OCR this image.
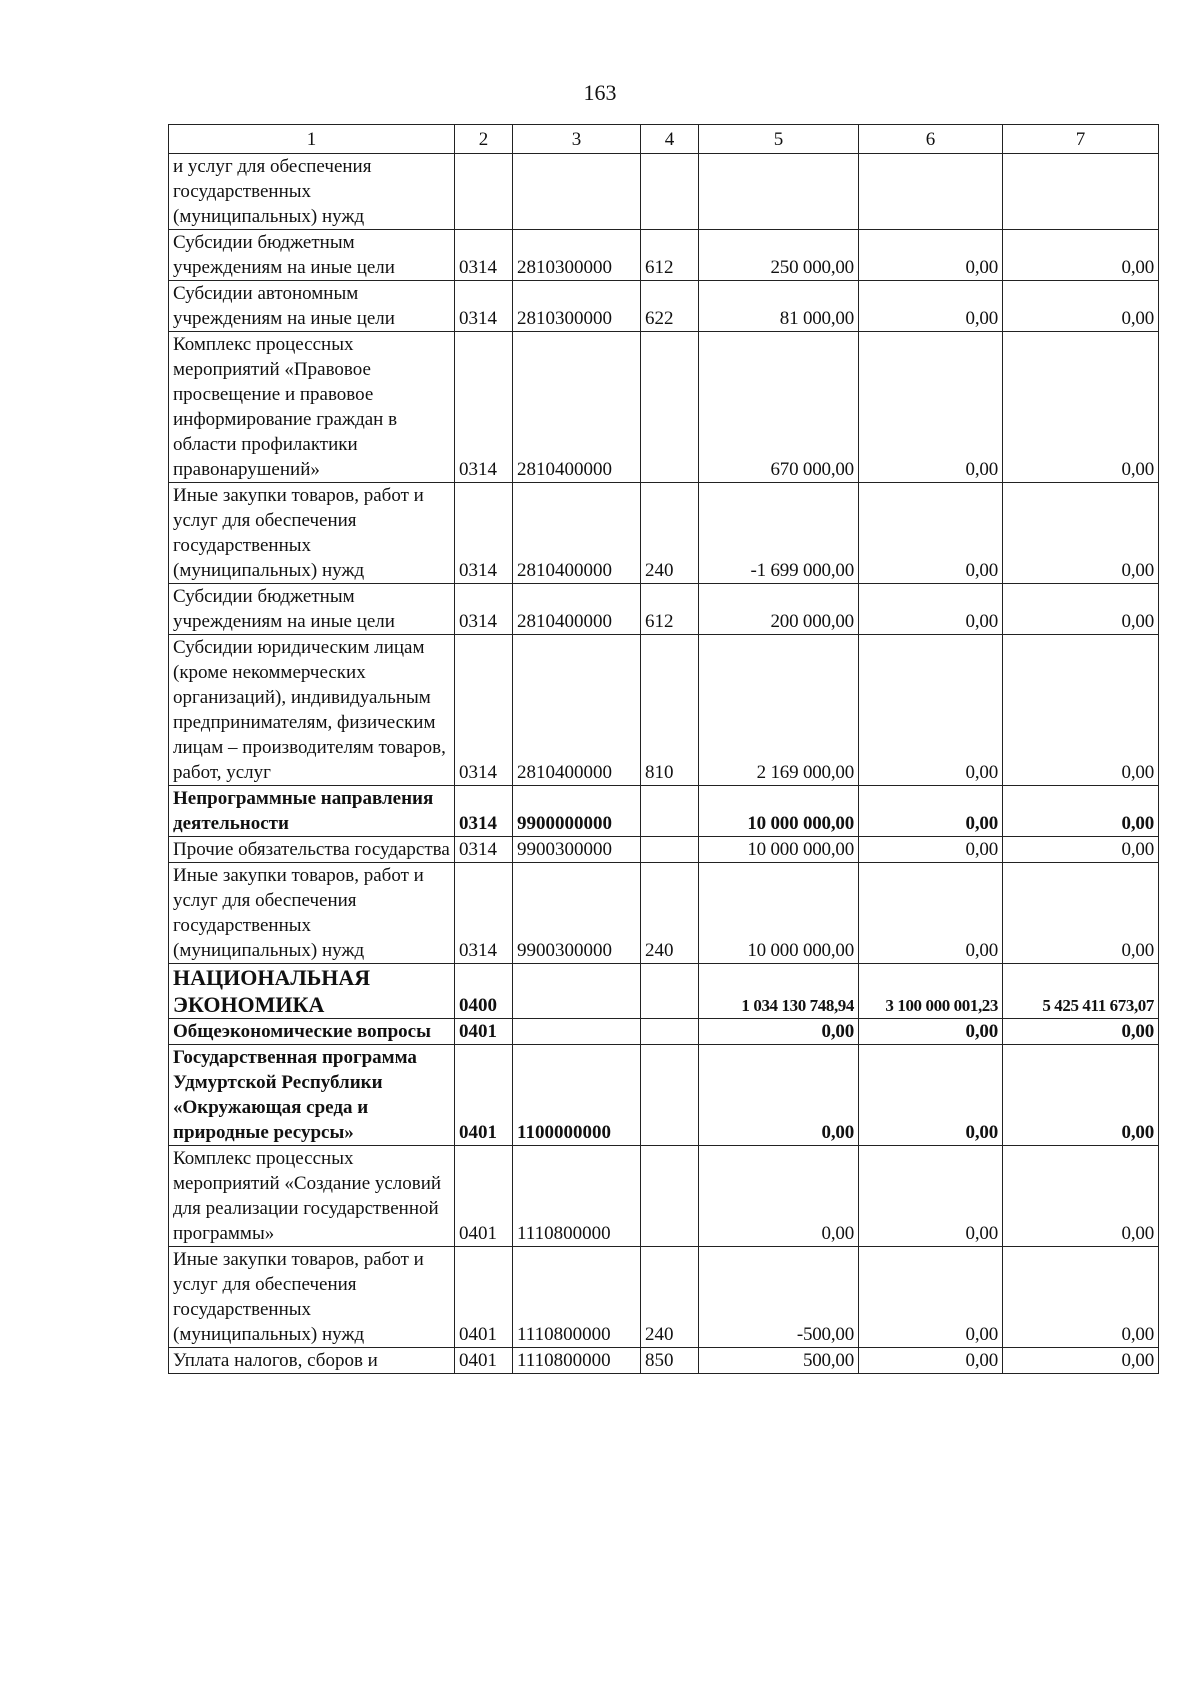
163
1	2	3	4	5	6	7
и услуг для обеспечения государственных (муниципальных) нужд						
Субсидии бюджетным учреждениям на иные цели	0314	2810300000	612	250 000,00	0,00	0,00
Субсидии автономным учреждениям на иные цели	0314	2810300000	622	81 000,00	0,00	0,00
Комплекс процессных мероприятий «Правовое просвещение и правовое информирование граждан в области профилактики правонарушений»	0314	2810400000		670 000,00	0,00	0,00
Иные закупки товаров, работ и услуг для обеспечения государственных (муниципальных) нужд	0314	2810400000	240	-1 699 000,00	0,00	0,00
Субсидии бюджетным учреждениям на иные цели	0314	2810400000	612	200 000,00	0,00	0,00
Субсидии юридическим лицам (кроме некоммерческих организаций), индивидуальным предпринимателям, физическим лицам – производителям товаров, работ, услуг	0314	2810400000	810	2 169 000,00	0,00	0,00
Непрограммные направления деятельности	0314	9900000000		10 000 000,00	0,00	0,00
Прочие обязательства государства	0314	9900300000		10 000 000,00	0,00	0,00
Иные закупки товаров, работ и услуг для обеспечения государственных (муниципальных) нужд	0314	9900300000	240	10 000 000,00	0,00	0,00
НАЦИОНАЛЬНАЯ ЭКОНОМИКА	0400			1 034 130 748,94	3 100 000 001,23	5 425 411 673,07
Общеэкономические вопросы	0401			0,00	0,00	0,00
Государственная программа Удмуртской Республики «Окружающая среда и природные ресурсы»	0401	1100000000		0,00	0,00	0,00
Комплекс процессных мероприятий «Создание условий для реализации государственной программы»	0401	1110800000		0,00	0,00	0,00
Иные закупки товаров, работ и услуг для обеспечения государственных (муниципальных) нужд	0401	1110800000	240	-500,00	0,00	0,00
Уплата налогов, сборов и	0401	1110800000	850	500,00	0,00	0,00
